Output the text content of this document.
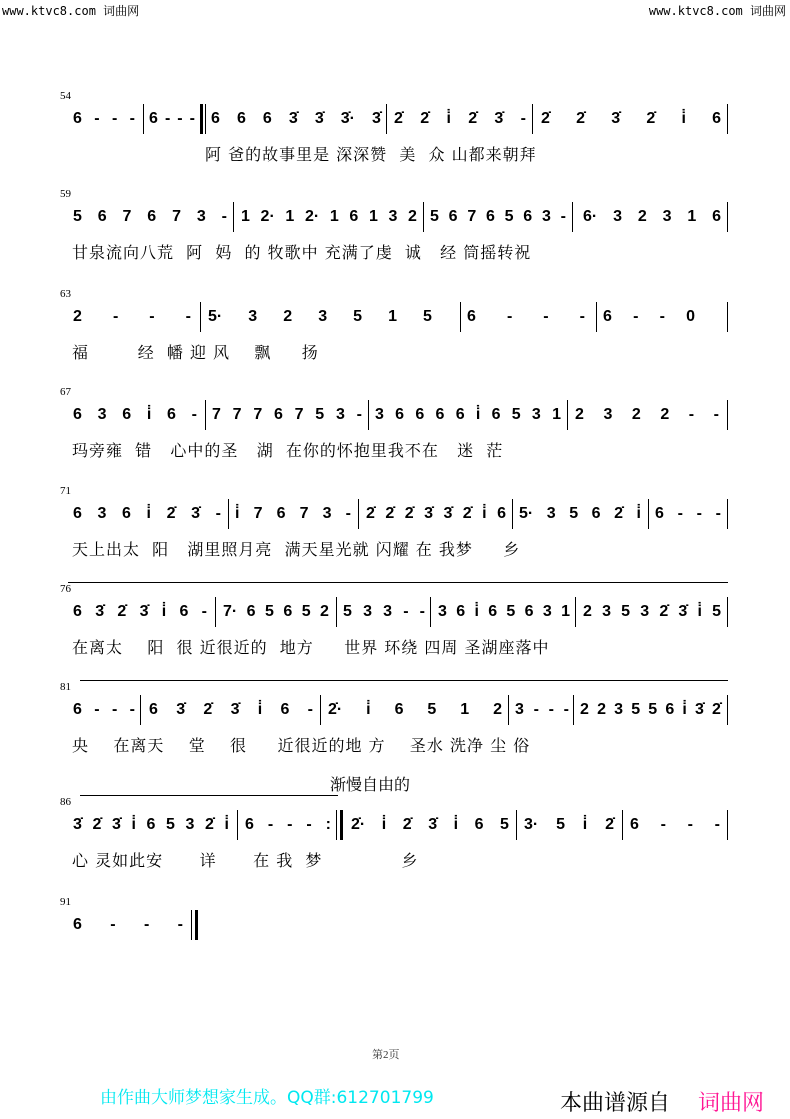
www.ktvc8.com 词曲网	www.ktvc8.com 词曲网
54
6 - - - 6 - - - 6 6 6 3̇ 3̇ 3̇· 3̇ 2̇ 2̇ i̇ 2̇ 3̇ - 2̇ 2̇ 3̇ 2̇ i̇ 6
阿 爸的故事里是 深深赞  美  众 山都来朝拜
59
5 6 7 6 7 3 - 1 2· 1 2· 1 6 1 3 2 5 6 7 6 5 6 3 - 6· 3 2 3 1 6
甘泉流向八荒  阿  妈  的 牧歌中 充满了虔  诚   经 筒摇转祝
63
2 - - - 5· 3 2 3 5 1 5 6 - - - 6 - - 0
福        经  幡 迎 风    飘     扬
67
6 3 6 i̇ 6 - 7 7 7 6 7 5 3 - 3 6 6 6 6 i̇ 6 5 3 1 2 3 2 2 - -
玛旁雍  错   心中的圣   湖  在你的怀抱里我不在   迷  茫
71
6 3 6 i̇ 2̇ 3̇ - i̇ 7 6 7 3 - 2̇ 2̇ 2̇ 3̇ 3̇ 2̇ i̇ 6 5· 3 5 6 2̇ i̇ 6 - - -
天上出太  阳   湖里照月亮  满天星光就 闪耀 在 我梦     乡
76
6 3̇ 2̇ 3̇ i̇ 6 - 7· 6 5 6 5 2 5 3 3 - - 3 6 i̇ 6 5 6 3 1 2 3 5 3 2̇ 3̇ i̇ 5
在离太    阳  很 近很近的  地方     世界 环绕 四周 圣湖座落中
81
6 - - - 6 3̇ 2̇ 3̇ i̇ 6 - 2̇· i̇ 6 5 1 2 3 - - - 2 2 3 5 5 6 i̇ 3̇ 2̇
央    在离天    堂    很     近很近的地 方    圣水 洗净 尘 俗
渐慢自由的
86
3̇ 2̇ 3̇ i̇ 6 5 3 2̇ i̇ 6 - - - : 2̇· i̇ 2̇ 3̇ i̇ 6 5 3· 5 i̇ 2̇ 6 - - -
心 灵如此安      详      在 我  梦             乡
91
6 - - -
第2页
由作曲大师梦想家生成。QQ群:612701799	本曲谱源自 词曲网
